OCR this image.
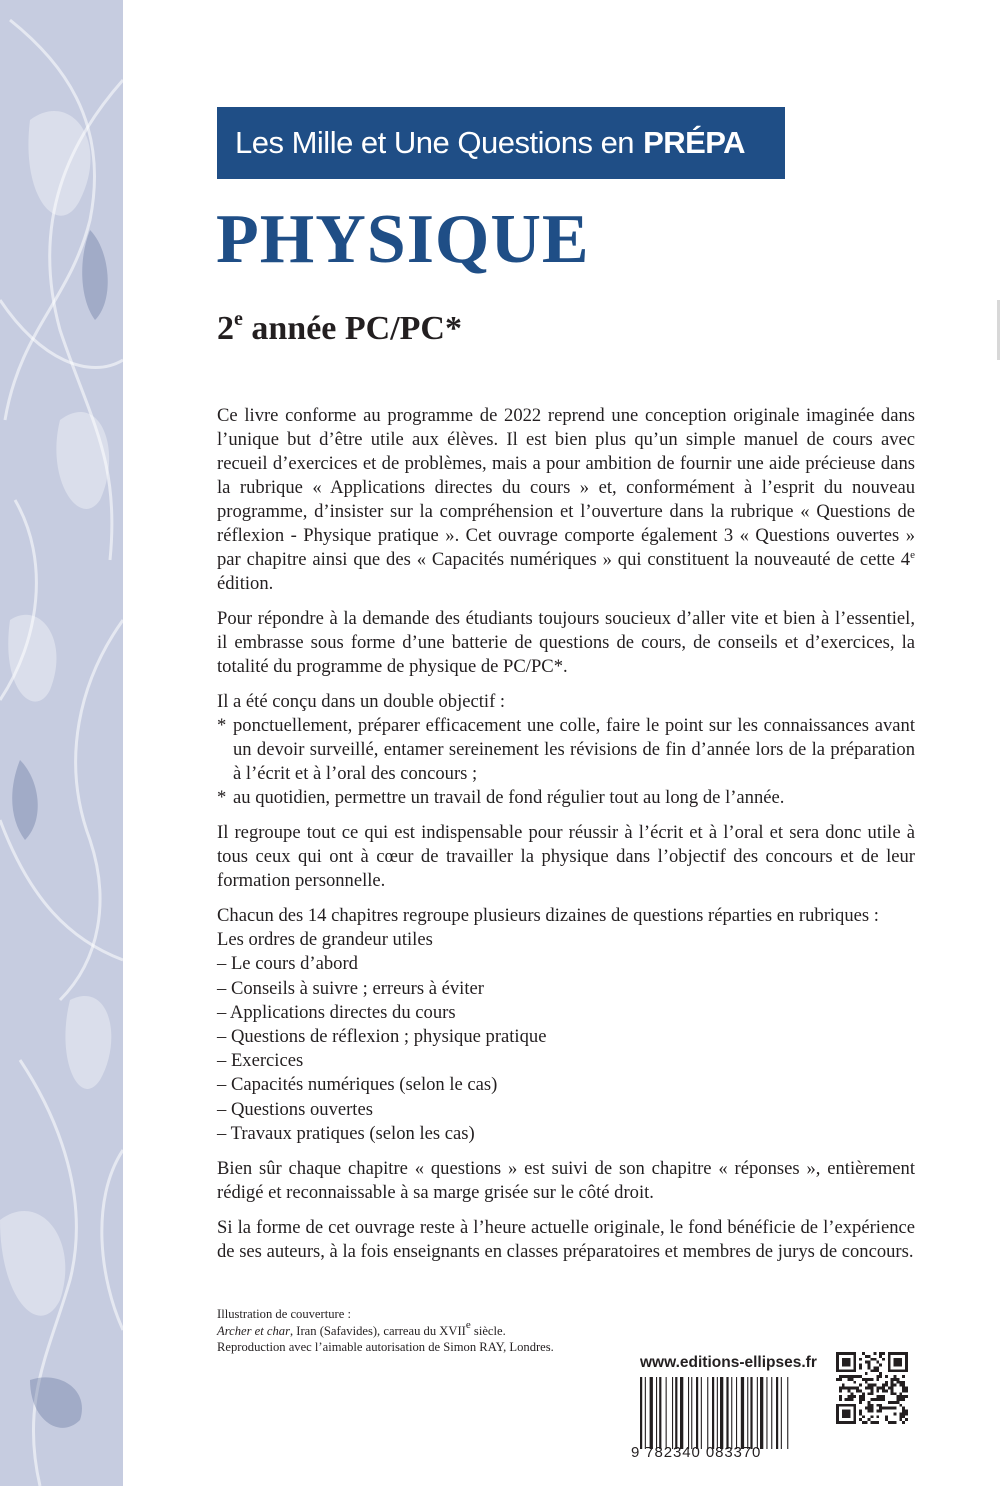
Les Mille et Une Questions en PRÉPA
PHYSIQUE
2e année PC/PC*

Ce livre conforme au programme de 2022 reprend une conception originale imaginée dans l’unique but d’être utile aux élèves. Il est bien plus qu’un simple manuel de cours avec recueil d’exercices et de problèmes, mais a pour ambition de fournir une aide précieuse dans la rubrique « Applications directes du cours » et, conformément à l’esprit du nouveau programme, d’insister sur la compréhension et l’ouverture dans la rubrique « Questions de réflexion - Physique pratique ». Cet ouvrage comporte également 3 « Questions ouvertes » par chapitre ainsi que des « Capacités numériques » qui constituent la nouveauté de cette 4e édition.

Pour répondre à la demande des étudiants toujours soucieux d’aller vite et bien à l’essentiel, il embrasse sous forme d’une batterie de questions de cours, de conseils et d’exercices, la totalité du programme de physique de PC/PC*.

Il a été conçu dans un double objectif :

* ponctuellement, préparer efficacement une colle, faire le point sur les connaissances avant un devoir surveillé, entamer sereinement les révisions de fin d’année lors de la préparation à l’écrit et à l’oral des concours ;
* au quotidien, permettre un travail de fond régulier tout au long de l’année.

Il regroupe tout ce qui est indispensable pour réussir à l’écrit et à l’oral et sera donc utile à tous ceux qui ont à cœur de travailler la physique dans l’objectif des concours et de leur formation personnelle.

Chacun des 14 chapitres regroupe plusieurs dizaines de questions réparties en rubriques :
Les ordres de grandeur utiles
– Le cours d’abord
– Conseils à suivre ; erreurs à éviter
– Applications directes du cours
– Questions de réflexion ; physique pratique
– Exercices
– Capacités numériques (selon le cas)
– Questions ouvertes
– Travaux pratiques (selon les cas)

Bien sûr chaque chapitre « questions » est suivi de son chapitre « réponses », entièrement rédigé et reconnaissable à sa marge grisée sur le côté droit.

Si la forme de cet ouvrage reste à l’heure actuelle originale, le fond bénéficie de l’expérience de ses auteurs, à la fois enseignants en classes préparatoires et membres de jurys de concours.

Illustration de couverture :
Archer et char, Iran (Safavides), carreau du XVIIe siècle.
Reproduction avec l’aimable autorisation de Simon RAY, Londres.
www.editions-ellipses.fr
9 782340 083370
